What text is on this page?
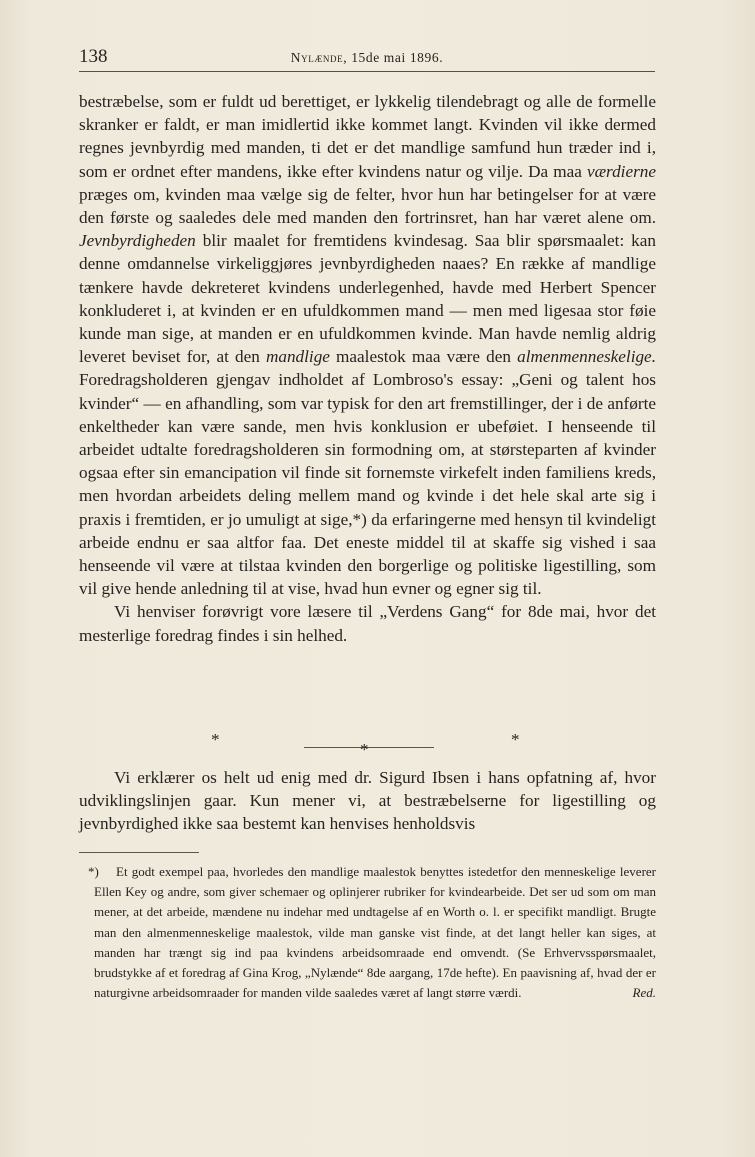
138	Nylænde, 15de mai 1896.

bestræbelse, som er fuldt ud berettiget, er lykkelig tilendebragt og alle de formelle skranker er faldt, er man imidlertid ikke kommet langt. Kvinden vil ikke dermed regnes jevnbyrdig med manden, ti det er det mandlige samfund hun træder ind i, som er ordnet efter mandens, ikke efter kvindens natur og vilje. Da maa værdierne præges om, kvinden maa vælge sig de felter, hvor hun har betingelser for at være den første og saaledes dele med manden den fortrinsret, han har været alene om. Jevnbyrdigheden blir maalet for fremtidens kvindesag. Saa blir spørsmaalet: kan denne omdannelse virkeliggjøres jevnbyrdigheden naaes? En række af mandlige tænkere havde dekreteret kvindens underlegenhed, havde med Herbert Spencer konkluderet i, at kvinden er en ufuldkommen mand — men med ligesaa stor føie kunde man sige, at manden er en ufuldkommen kvinde. Man havde nemlig aldrig leveret beviset for, at den mandlige maalestok maa være den almenmenneskelige. Foredragsholderen gjengav indholdet af Lombroso's essay: „Geni og talent hos kvinder“ — en afhandling, som var typisk for den art fremstillinger, der i de anførte enkeltheder kan være sande, men hvis konklusion er ubeføiet. I henseende til arbeidet udtalte foredragsholderen sin formodning om, at størsteparten af kvinder ogsaa efter sin emancipation vil finde sit fornemste virkefelt inden familiens kreds, men hvordan arbeidets deling mellem mand og kvinde i det hele skal arte sig i praxis i fremtiden, er jo umuligt at sige,*) da erfaringerne med hensyn til kvindeligt arbeide endnu er saa altfor faa. Det eneste middel til at skaffe sig vished i saa henseende vil være at tilstaa kvinden den borgerlige og politiske ligestilling, som vil give hende anledning til at vise, hvad hun evner og egner sig til.

Vi henviser forøvrigt vore læsere til „Verdens Gang“ for 8de mai, hvor det mesterlige foredrag findes i sin helhed.

*
*
*

Vi erklærer os helt ud enig med dr. Sigurd Ibsen i hans opfatning af, hvor udviklingslinjen gaar. Kun mener vi, at bestræbelserne for ligestilling og jevnbyrdighed ikke saa bestemt kan henvises henholdsvis

*) Et godt exempel paa, hvorledes den mandlige maalestok benyttes istedetfor den menneskelige leverer Ellen Key og andre, som giver schemaer og oplinjerer rubriker for kvindearbeide. Det ser ud som om man mener, at det arbeide, mændene nu indehar med undtagelse af en Worth o. l. er specifikt mandligt. Brugte man den almenmenneskelige maalestok, vilde man ganske vist finde, at det langt heller kan siges, at manden har trængt sig ind paa kvindens arbeidsomraade end omvendt. (Se Erhvervsspørsmaalet, brudstykke af et foredrag af Gina Krog, „Nylænde“ 8de aargang, 17de hefte). En paavisning af, hvad der er naturgivne arbeidsomraader for manden vilde saaledes været af langt større værdi.	Red.
